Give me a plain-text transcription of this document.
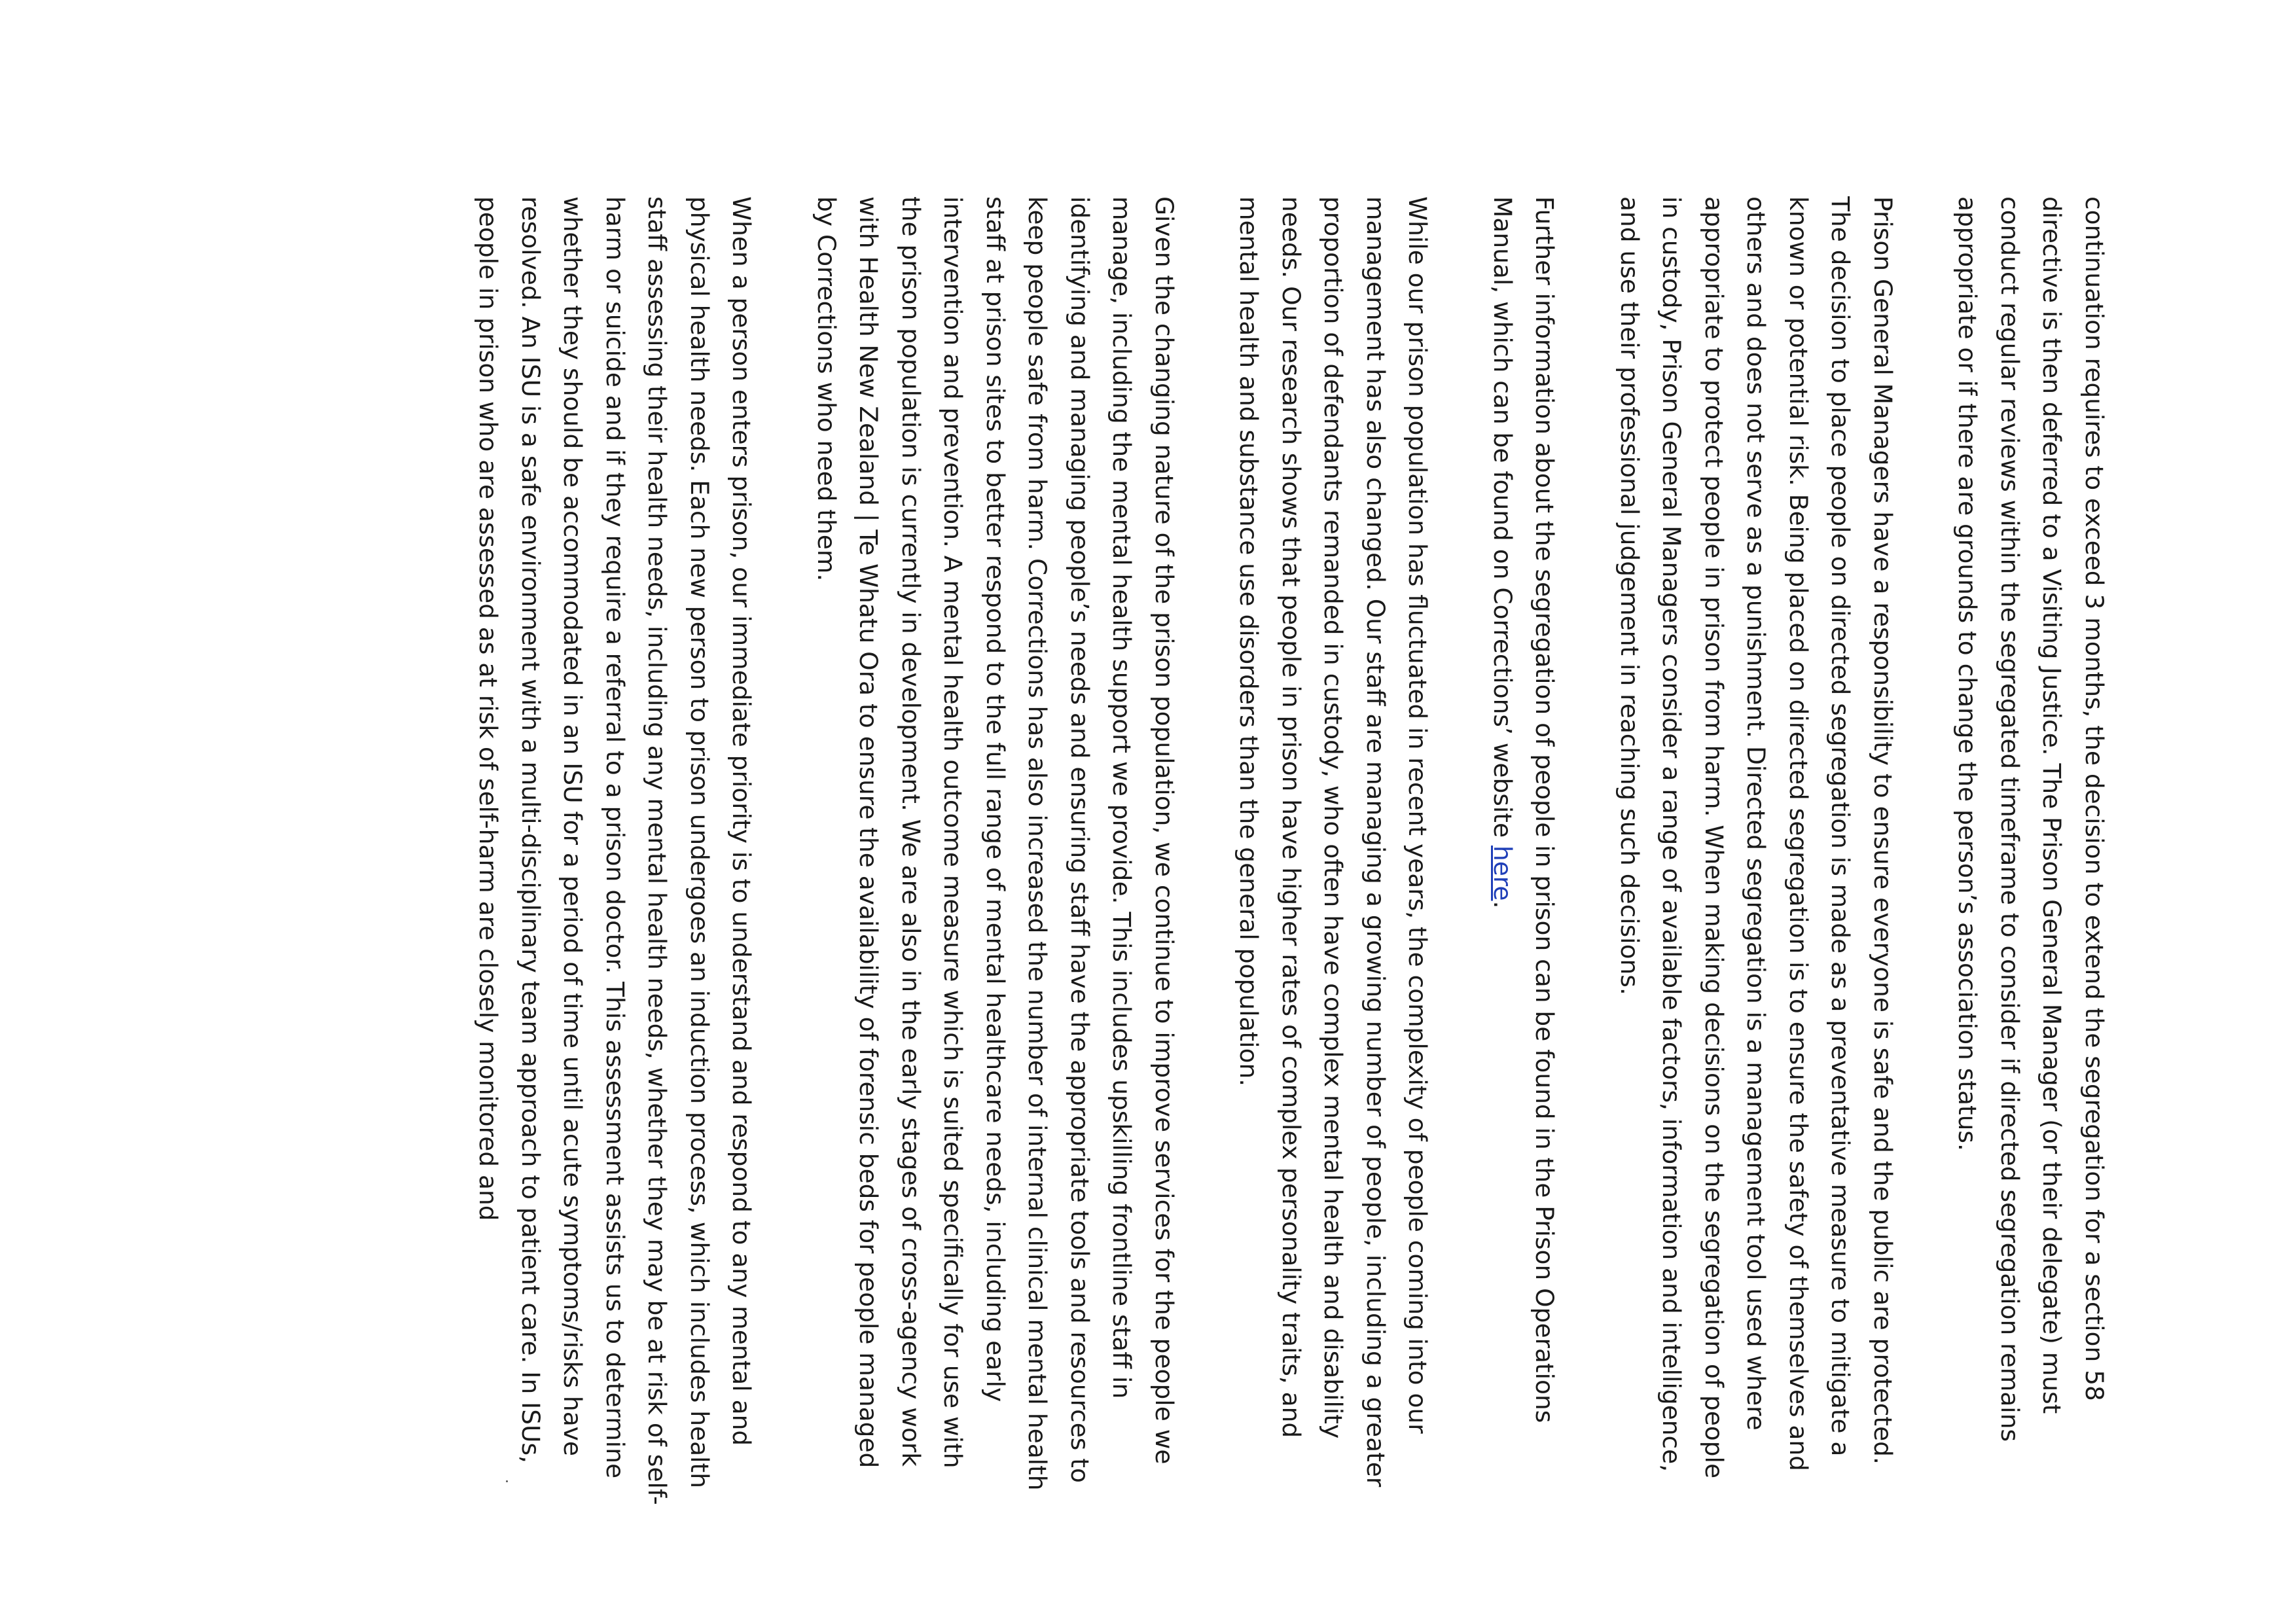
continuation requires to exceed 3 months, the decision to extend the segregation for a section 58 directive is then deferred to a Visiting Justice. The Prison General Manager (or their delegate) must conduct regular reviews within the segregated timeframe to consider if directed segregation remains appropriate or if there are grounds to change the person’s association status.

Prison General Managers have a responsibility to ensure everyone is safe and the public are protected. The decision to place people on directed segregation is made as a preventative measure to mitigate a known or potential risk. Being placed on directed segregation is to ensure the safety of themselves and others and does not serve as a punishment. Directed segregation is a management tool used where appropriate to protect people in prison from harm. When making decisions on the segregation of people in custody, Prison General Managers consider a range of available factors, information and intelligence, and use their professional judgement in reaching such decisions.

Further information about the segregation of people in prison can be found in the Prison Operations Manual, which can be found on Corrections’ website here.

While our prison population has fluctuated in recent years, the complexity of people coming into our management has also changed. Our staff are managing a growing number of people, including a greater proportion of defendants remanded in custody, who often have complex mental health and disability needs. Our research shows that people in prison have higher rates of complex personality traits, and mental health and substance use disorders than the general population.

Given the changing nature of the prison population, we continue to improve services for the people we manage, including the mental health support we provide. This includes upskilling frontline staff in identifying and managing people’s needs and ensuring staff have the appropriate tools and resources to keep people safe from harm. Corrections has also increased the number of internal clinical mental health staff at prison sites to better respond to the full range of mental healthcare needs, including early intervention and prevention. A mental health outcome measure which is suited specifically for use with the prison population is currently in development. We are also in the early stages of cross-agency work with Health New Zealand | Te Whatu Ora to ensure the availability of forensic beds for people managed by Corrections who need them.

When a person enters prison, our immediate priority is to understand and respond to any mental and physical health needs. Each new person to prison undergoes an induction process, which includes health staff assessing their health needs, including any mental health needs, whether they may be at risk of self-harm or suicide and if they require a referral to a prison doctor. This assessment assists us to determine whether they should be accommodated in an ISU for a period of time until acute symptoms/risks have resolved. An ISU is a safe environment with a multi-disciplinary team approach to patient care. In ISUs, people in prison who are assessed as at risk of self-harm are closely monitored and
